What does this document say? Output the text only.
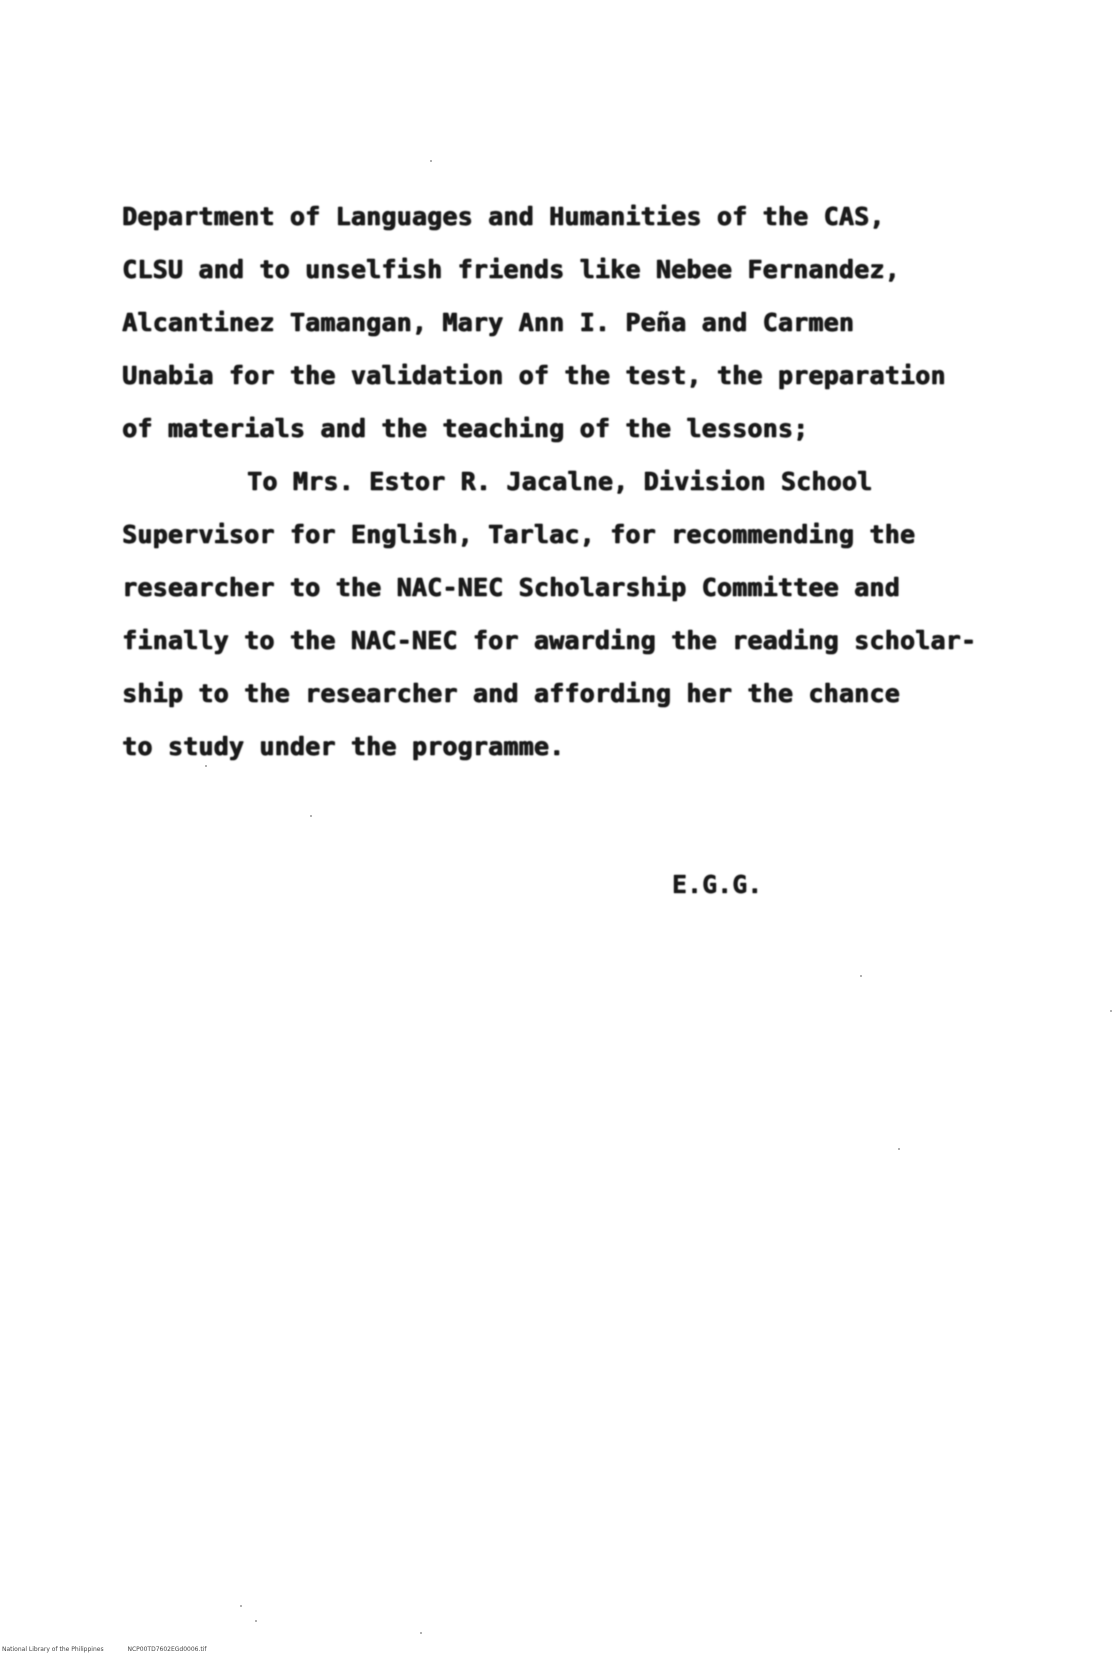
Department of Languages and Humanities of the CAS,
CLSU and to unselfish friends like Nebee Fernandez,
Alcantinez Tamangan, Mary Ann I. Peña and Carmen
Unabia for the validation of the test, the preparation
of materials and the teaching of the lessons;
To Mrs. Estor R. Jacalne, Division School
Supervisor for English, Tarlac, for recommending the
researcher to the NAC-NEC Scholarship Committee and
finally to the NAC-NEC for awarding the reading scholar-
ship to the researcher and affording her the chance
to study under the programme.
E.G.G.
National Library of the Philippines	NCP00TD7602EGd0006.tif
